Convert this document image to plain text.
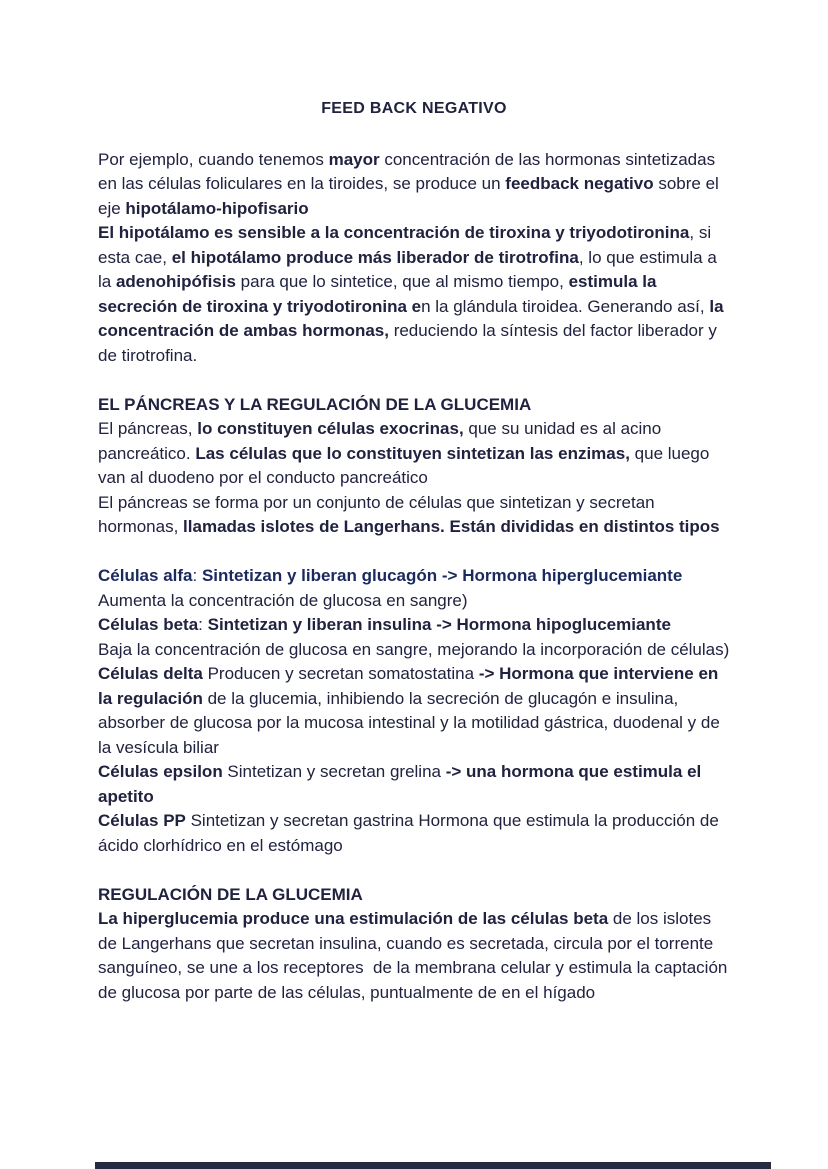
FEED BACK NEGATIVO

Por ejemplo, cuando tenemos mayor concentración de las hormonas sintetizadas en las células foliculares en la tiroides, se produce un feedback negativo sobre el eje hipotálamo-hipofisario
El hipotálamo es sensible a la concentración de tiroxina y triyodotironina, si esta cae, el hipotálamo produce más liberador de tirotrofina, lo que estimula a la adenohipófisis para que lo sintetice, que al mismo tiempo, estimula la secreción de tiroxina y triyodotironina en la glándula tiroidea. Generando así, la concentración de ambas hormonas, reduciendo la síntesis del factor liberador y de tirotrofina.

EL PÁNCREAS Y LA REGULACIÓN DE LA GLUCEMIA

El páncreas, lo constituyen células exocrinas, que su unidad es al acino pancreático. Las células que lo constituyen sintetizan las enzimas, que luego van al duodeno por el conducto pancreático
El páncreas se forma por un conjunto de células que sintetizan y secretan hormonas, llamadas islotes de Langerhans. Están divididas en distintos tipos

Células alfa: Sintetizan y liberan glucagón -> Hormona hiperglucemiante
Aumenta la concentración de glucosa en sangre)
Células beta: Sintetizan y liberan insulina -> Hormona hipoglucemiante
Baja la concentración de glucosa en sangre, mejorando la incorporación de células)
Células delta Producen y secretan somatostatina -> Hormona que interviene en la regulación de la glucemia, inhibiendo la secreción de glucagón e insulina, absorber de glucosa por la mucosa intestinal y la motilidad gástrica, duodenal y de la vesícula biliar
Células epsilon Sintetizan y secretan grelina -> una hormona que estimula el apetito
Células PP Sintetizan y secretan gastrina Hormona que estimula la producción de ácido clorhídrico en el estómago

REGULACIÓN DE LA GLUCEMIA

La hiperglucemia produce una estimulación de las células beta de los islotes de Langerhans que secretan insulina, cuando es secretada, circula por el torrente sanguíneo, se une a los receptores  de la membrana celular y estimula la captación de glucosa por parte de las células, puntualmente de en el hígado
